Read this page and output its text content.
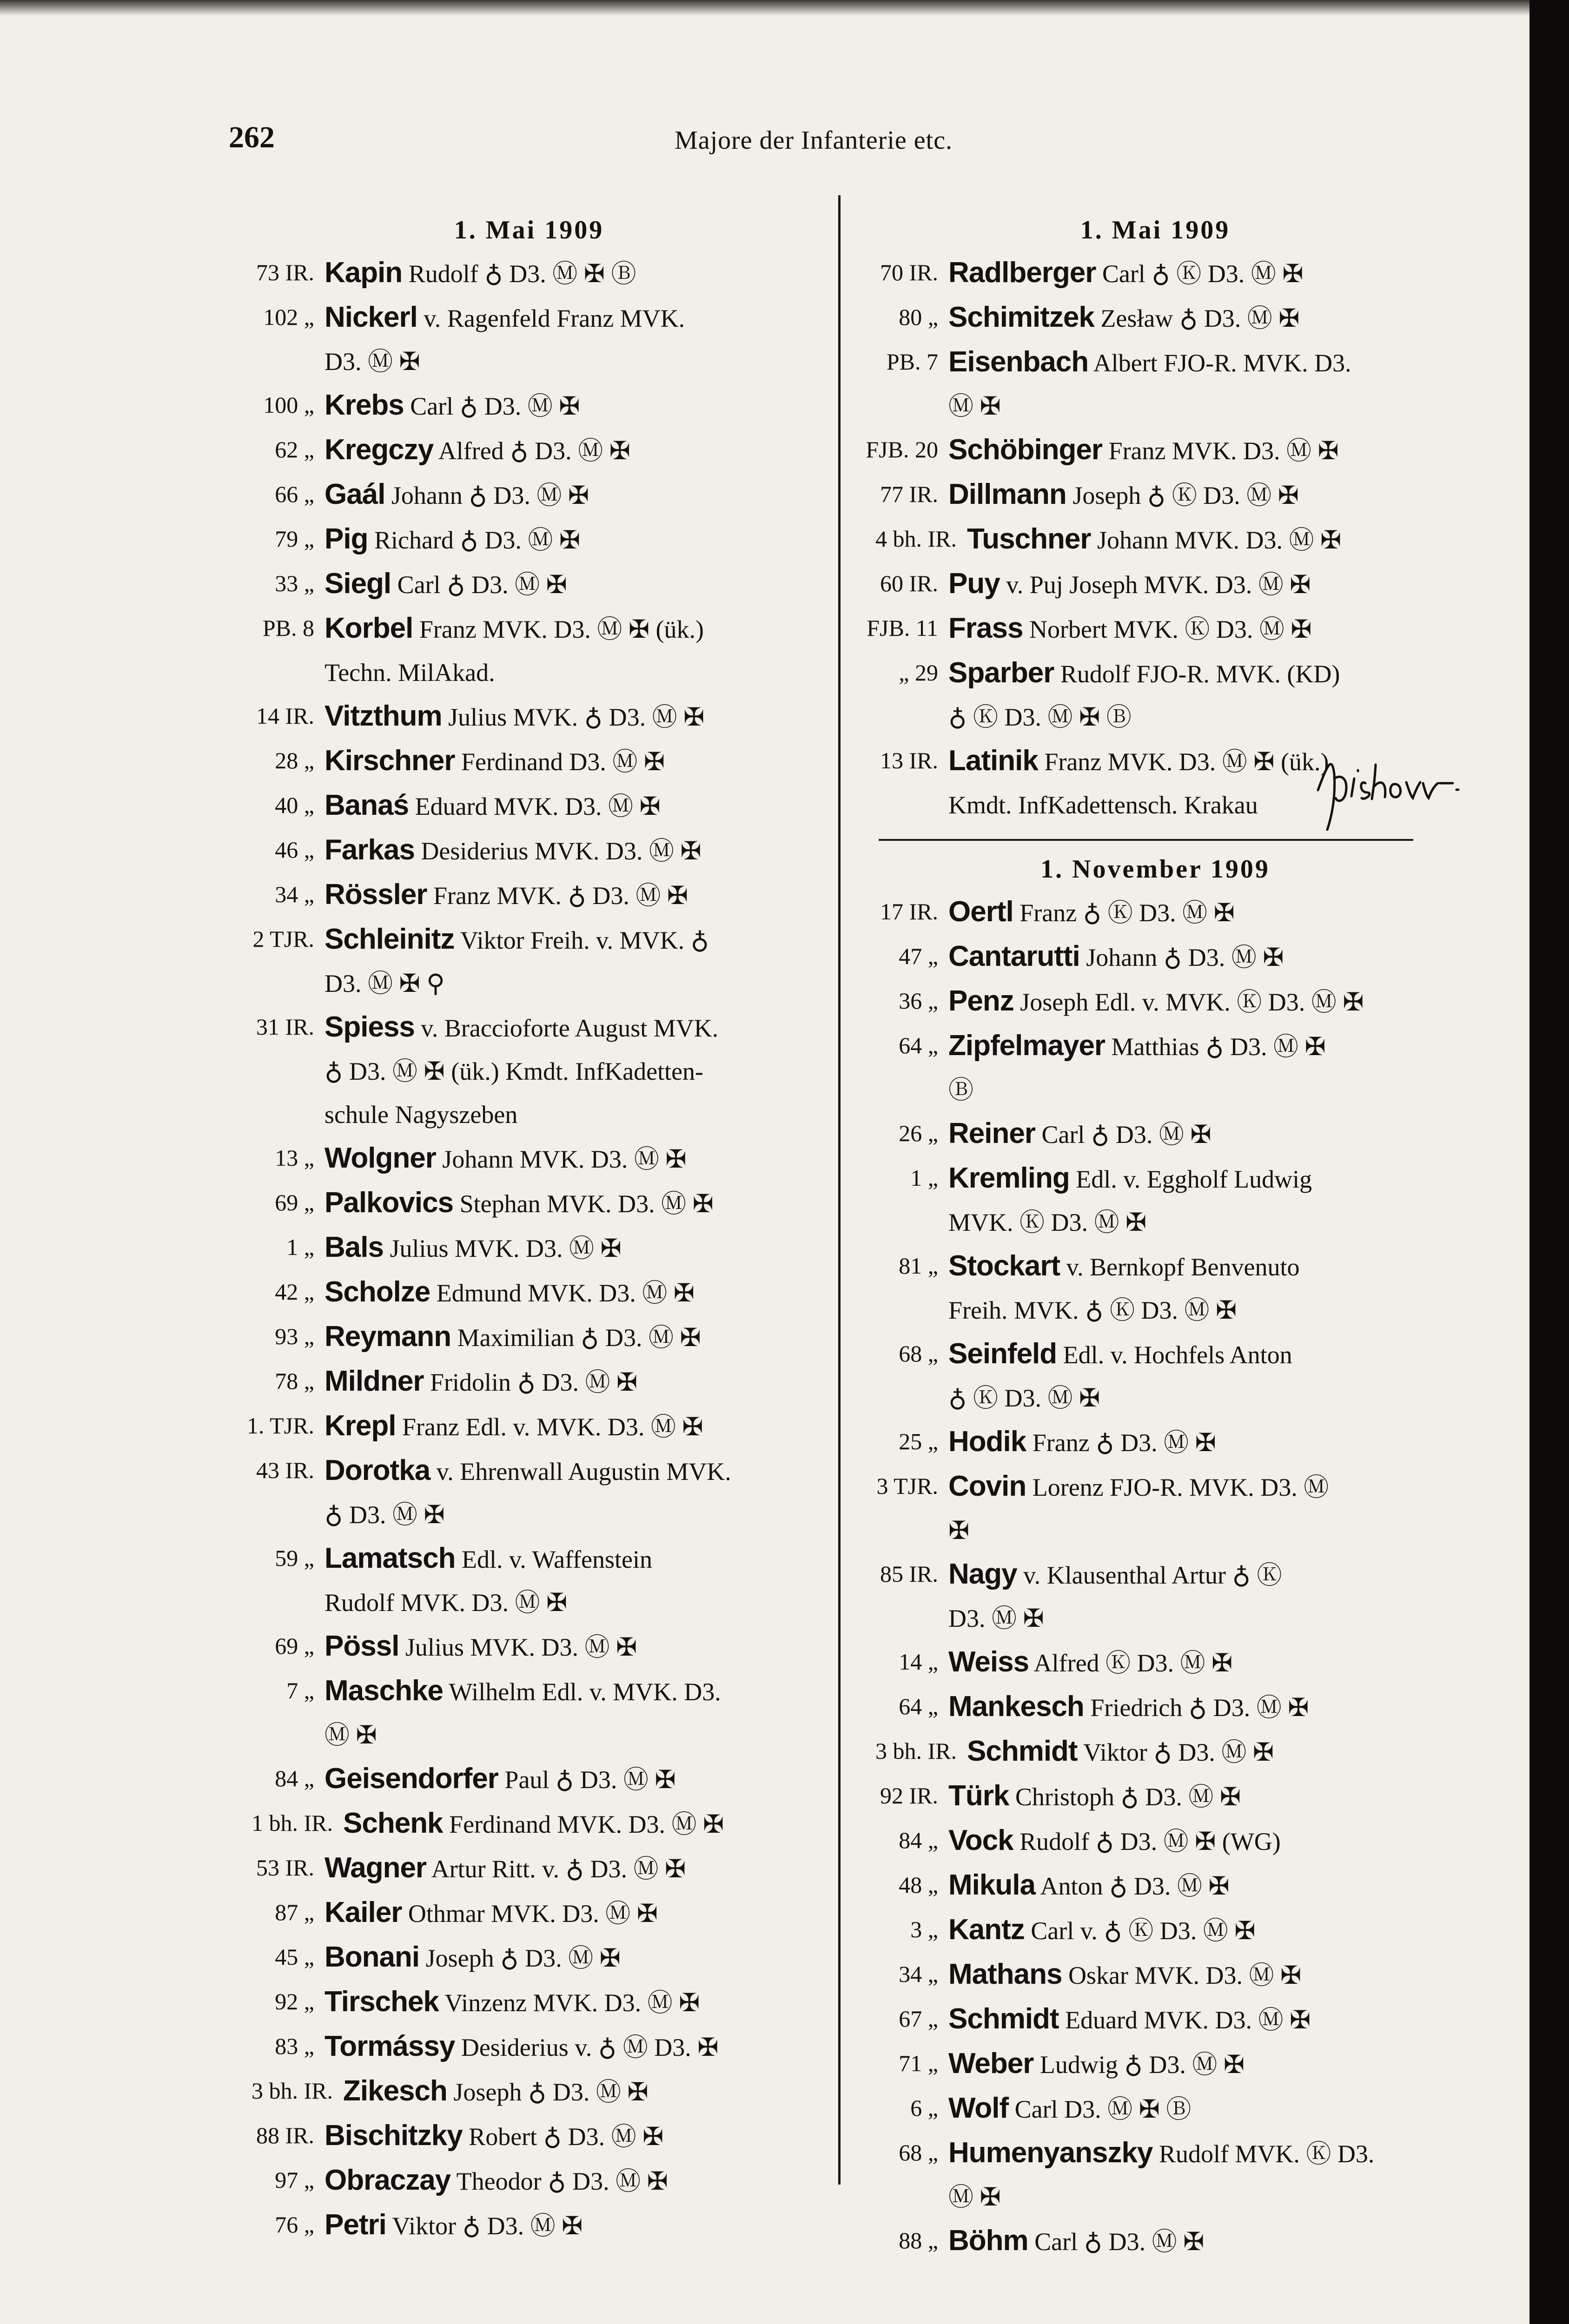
262	Majore der Infanterie etc.
1. Mai 1909
73 IR. Kapin Rudolf ♁ D3. Ⓜ ✠ Ⓑ
102 „ Nickerl v. Ragenfeld Franz MVK.
D3. Ⓜ ✠
100 „ Krebs Carl ♁ D3. Ⓜ ✠
62 „ Kregczy Alfred ♁ D3. Ⓜ ✠
66 „ Gaál Johann ♁ D3. Ⓜ ✠
79 „ Pig Richard ♁ D3. Ⓜ ✠
33 „ Siegl Carl ♁ D3. Ⓜ ✠
PB. 8 Korbel Franz MVK. D3. Ⓜ ✠ (ük.)
Techn. MilAkad.
14 IR. Vitzthum Julius MVK. ♁ D3. Ⓜ ✠
28 „ Kirschner Ferdinand D3. Ⓜ ✠
40 „ Banaś Eduard MVK. D3. Ⓜ ✠
46 „ Farkas Desiderius MVK. D3. Ⓜ ✠
34 „ Rössler Franz MVK. ♁ D3. Ⓜ ✠
2 TJR. Schleinitz Viktor Freih. v. MVK. ♁
D3. Ⓜ ✠ ⚲
31 IR. Spiess v. Braccioforte August MVK.
♁ D3. Ⓜ ✠ (ük.) Kmdt. InfKadetten-
schule Nagyszeben
13 „ Wolgner Johann MVK. D3. Ⓜ ✠
69 „ Palkovics Stephan MVK. D3. Ⓜ ✠
1 „ Bals Julius MVK. D3. Ⓜ ✠
42 „ Scholze Edmund MVK. D3. Ⓜ ✠
93 „ Reymann Maximilian ♁ D3. Ⓜ ✠
78 „ Mildner Fridolin ♁ D3. Ⓜ ✠
1. TJR. Krepl Franz Edl. v. MVK. D3. Ⓜ ✠
43 IR. Dorotka v. Ehrenwall Augustin MVK.
♁ D3. Ⓜ ✠
59 „ Lamatsch Edl. v. Waffenstein
Rudolf MVK. D3. Ⓜ ✠
69 „ Pössl Julius MVK. D3. Ⓜ ✠
7 „ Maschke Wilhelm Edl. v. MVK. D3.
Ⓜ ✠
84 „ Geisendorfer Paul ♁ D3. Ⓜ ✠
1 bh. IR. Schenk Ferdinand MVK. D3. Ⓜ ✠
53 IR. Wagner Artur Ritt. v. ♁ D3. Ⓜ ✠
87 „ Kailer Othmar MVK. D3. Ⓜ ✠
45 „ Bonani Joseph ♁ D3. Ⓜ ✠
92 „ Tirschek Vinzenz MVK. D3. Ⓜ ✠
83 „ Tormássy Desiderius v. ♁ Ⓜ D3. ✠
3 bh. IR. Zikesch Joseph ♁ D3. Ⓜ ✠
88 IR. Bischitzky Robert ♁ D3. Ⓜ ✠
97 „ Obraczay Theodor ♁ D3. Ⓜ ✠
76 „ Petri Viktor ♁ D3. Ⓜ ✠
1. Mai 1909
70 IR. Radlberger Carl ♁ Ⓚ D3. Ⓜ ✠
80 „ Schimitzek Zesław ♁ D3. Ⓜ ✠
PB. 7 Eisenbach Albert FJO-R. MVK. D3.
Ⓜ ✠
FJB. 20 Schöbinger Franz MVK. D3. Ⓜ ✠
77 IR. Dillmann Joseph ♁ Ⓚ D3. Ⓜ ✠
4 bh. IR. Tuschner Johann MVK. D3. Ⓜ ✠
60 IR. Puy v. Puj Joseph MVK. D3. Ⓜ ✠
FJB. 11 Frass Norbert MVK. Ⓚ D3. Ⓜ ✠
„ 29 Sparber Rudolf FJO-R. MVK. (KD)
♁ Ⓚ D3. Ⓜ ✠ Ⓑ
13 IR. Latinik Franz MVK. D3. Ⓜ ✠ (ük.)
Kmdt. InfKadettensch. Krakau
1. November 1909
17 IR. Oertl Franz ♁ Ⓚ D3. Ⓜ ✠
47 „ Cantarutti Johann ♁ D3. Ⓜ ✠
36 „ Penz Joseph Edl. v. MVK. Ⓚ D3. Ⓜ ✠
64 „ Zipfelmayer Matthias ♁ D3. Ⓜ ✠
Ⓑ
26 „ Reiner Carl ♁ D3. Ⓜ ✠
1 „ Kremling Edl. v. Eggholf Ludwig
MVK. Ⓚ D3. Ⓜ ✠
81 „ Stockart v. Bernkopf Benvenuto
Freih. MVK. ♁ Ⓚ D3. Ⓜ ✠
68 „ Seinfeld Edl. v. Hochfels Anton
♁ Ⓚ D3. Ⓜ ✠
25 „ Hodik Franz ♁ D3. Ⓜ ✠
3 TJR. Covin Lorenz FJO-R. MVK. D3. Ⓜ
✠
85 IR. Nagy v. Klausenthal Artur ♁ Ⓚ
D3. Ⓜ ✠
14 „ Weiss Alfred Ⓚ D3. Ⓜ ✠
64 „ Mankesch Friedrich ♁ D3. Ⓜ ✠
3 bh. IR. Schmidt Viktor ♁ D3. Ⓜ ✠
92 IR. Türk Christoph ♁ D3. Ⓜ ✠
84 „ Vock Rudolf ♁ D3. Ⓜ ✠ (WG)
48 „ Mikula Anton ♁ D3. Ⓜ ✠
3 „ Kantz Carl v. ♁ Ⓚ D3. Ⓜ ✠
34 „ Mathans Oskar MVK. D3. Ⓜ ✠
67 „ Schmidt Eduard MVK. D3. Ⓜ ✠
71 „ Weber Ludwig ♁ D3. Ⓜ ✠
6 „ Wolf Carl D3. Ⓜ ✠ Ⓑ
68 „ Humenyanszky Rudolf MVK. Ⓚ D3.
Ⓜ ✠
88 „ Böhm Carl ♁ D3. Ⓜ ✠
